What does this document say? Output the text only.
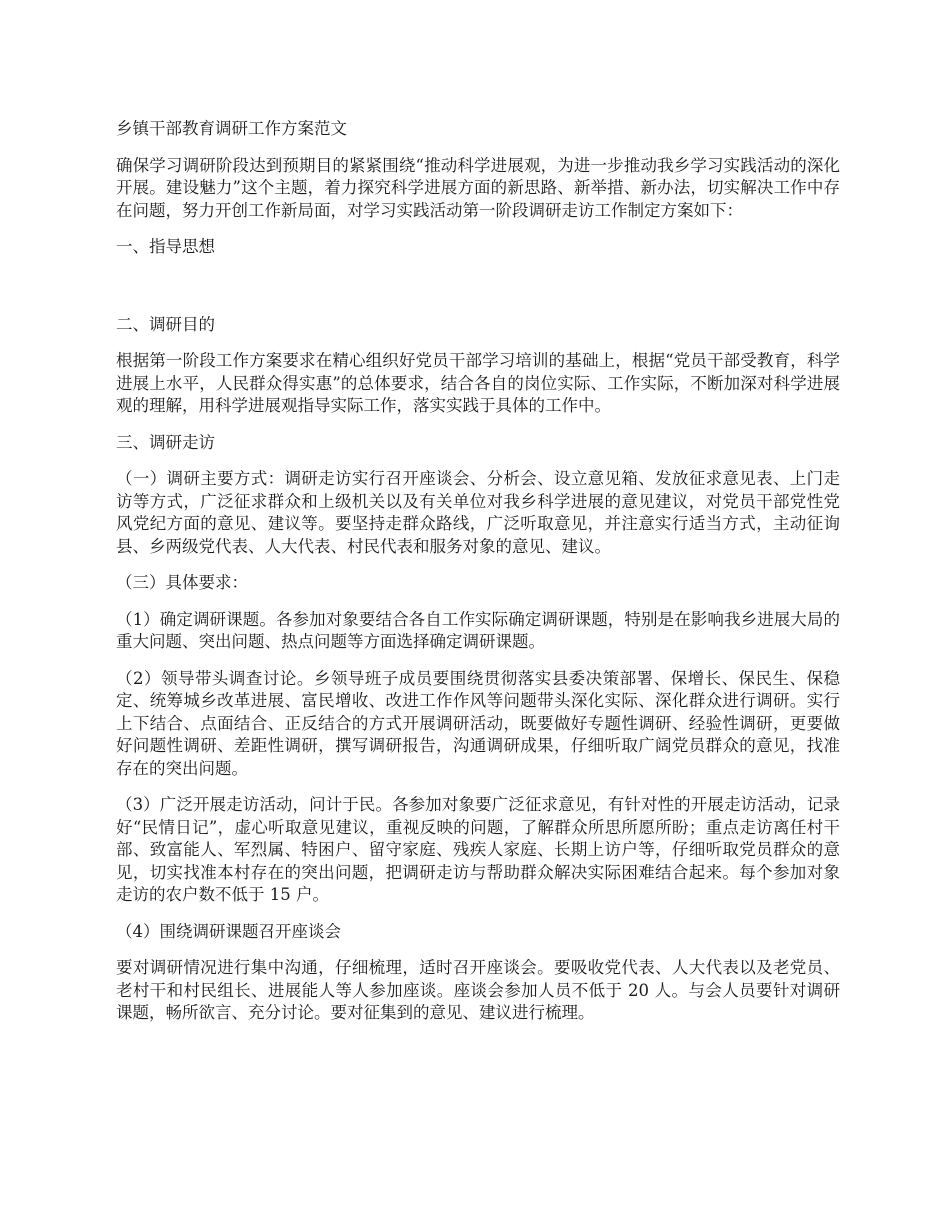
乡镇干部教育调研工作方案范文

确保学习调研阶段达到预期目的紧紧围绕“推动科学进展观，为进一步推动我乡学习实践活动的深化开展。建设魅力”这个主题，着力探究科学进展方面的新思路、新举措、新办法，切实解决工作中存在问题，努力开创工作新局面，对学习实践活动第一阶段调研走访工作制定方案如下：

一、指导思想

二、调研目的

根据第一阶段工作方案要求在精心组织好党员干部学习培训的基础上，根据“党员干部受教育，科学进展上水平，人民群众得实惠”的总体要求，结合各自的岗位实际、工作实际，不断加深对科学进展观的理解，用科学进展观指导实际工作，落实实践于具体的工作中。

三、调研走访

（一）调研主要方式：调研走访实行召开座谈会、分析会、设立意见箱、发放征求意见表、上门走访等方式，广泛征求群众和上级机关以及有关单位对我乡科学进展的意见建议，对党员干部党性党风党纪方面的意见、建议等。要坚持走群众路线，广泛听取意见，并注意实行适当方式，主动征询县、乡两级党代表、人大代表、村民代表和服务对象的意见、建议。

（三）具体要求：

（1）确定调研课题。各参加对象要结合各自工作实际确定调研课题，特别是在影响我乡进展大局的重大问题、突出问题、热点问题等方面选择确定调研课题。

（2）领导带头调查讨论。乡领导班子成员要围绕贯彻落实县委决策部署、保增长、保民生、保稳定、统筹城乡改革进展、富民增收、改进工作作风等问题带头深化实际、深化群众进行调研。实行上下结合、点面结合、正反结合的方式开展调研活动，既要做好专题性调研、经验性调研，更要做好问题性调研、差距性调研，撰写调研报告，沟通调研成果，仔细听取广阔党员群众的意见，找准存在的突出问题。

（3）广泛开展走访活动，问计于民。各参加对象要广泛征求意见，有针对性的开展走访活动，记录好“民情日记”，虚心听取意见建议，重视反映的问题，了解群众所思所愿所盼；重点走访离任村干部、致富能人、军烈属、特困户、留守家庭、残疾人家庭、长期上访户等，仔细听取党员群众的意见，切实找准本村存在的突出问题，把调研走访与帮助群众解决实际困难结合起来。每个参加对象走访的农户数不低于 15 户。

（4）围绕调研课题召开座谈会

要对调研情况进行集中沟通，仔细梳理，适时召开座谈会。要吸收党代表、人大代表以及老党员、老村干和村民组长、进展能人等人参加座谈。座谈会参加人员不低于 20 人。与会人员要针对调研课题，畅所欲言、充分讨论。要对征集到的意见、建议进行梳理。
